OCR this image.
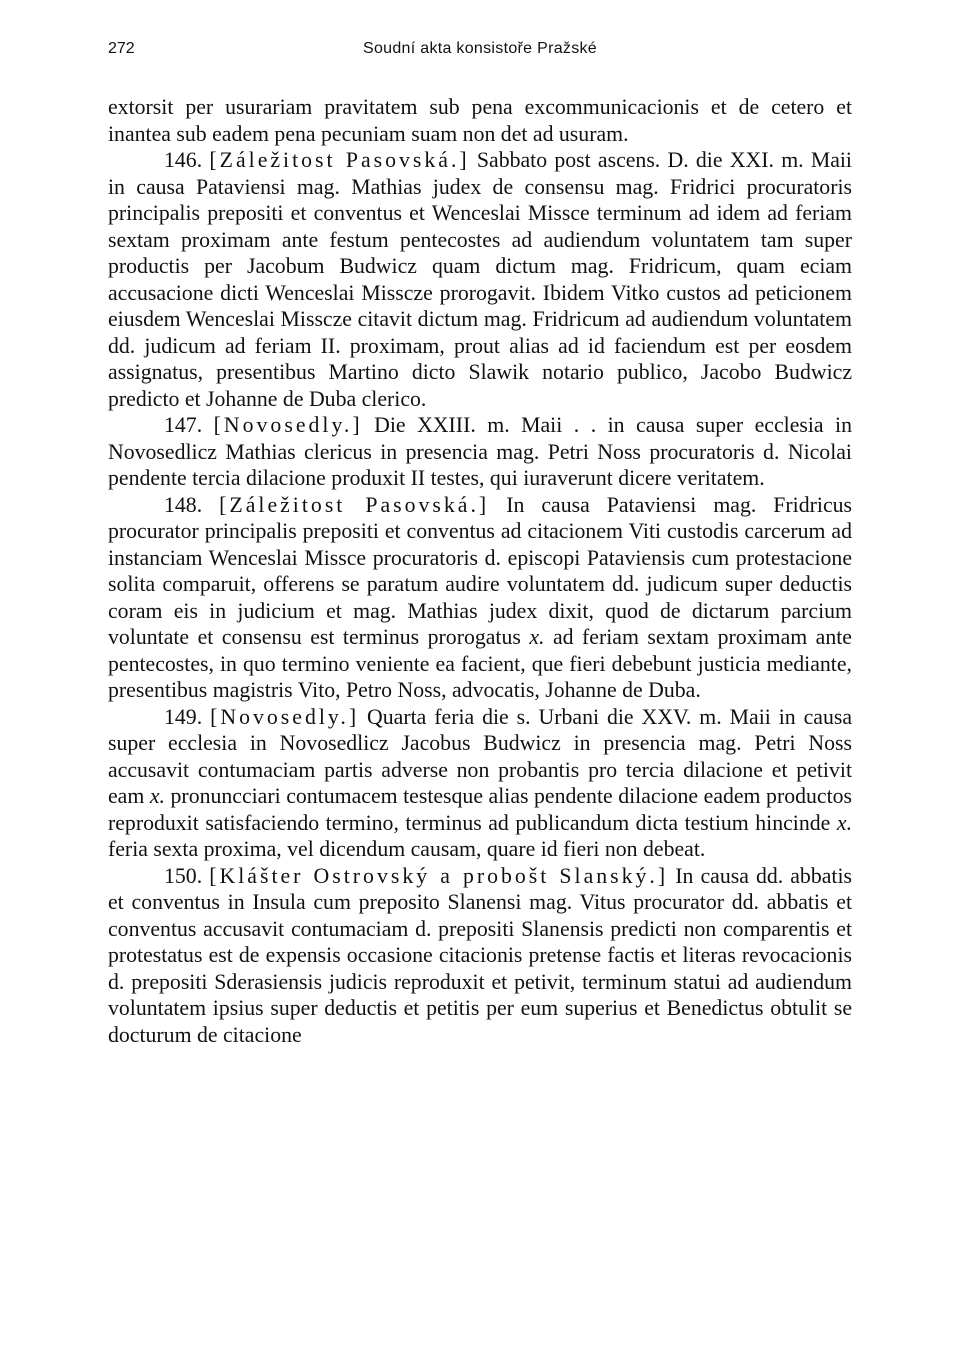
272	Soudní akta konsistoře Pražské

extorsit per usurariam pravitatem sub pena excommunicacionis et de cetero et inantea sub eadem pena pecuniam suam non det ad usuram.

146. [Záležitost Pasovská.] Sabbato post ascens. D. die XXI. m. Maii in causa Pataviensi mag. Mathias judex de consensu mag. Fridrici procuratoris principalis prepositi et conventus et Wenceslai Missce terminum ad idem ad feriam sextam proximam ante festum pentecostes ad audiendum voluntatem tam super productis per Jacobum Budwicz quam dictum mag. Fridricum, quam eciam accusacione dicti Wenceslai Misscze prorogavit. Ibidem Vitko custos ad peticionem eiusdem Wenceslai Misscze citavit dictum mag. Fridricum ad audiendum voluntatem dd. judicum ad feriam II. proximam, prout alias ad id faciendum est per eosdem assignatus, presentibus Martino dicto Slawik notario publico, Jacobo Budwicz predicto et Johanne de Duba clerico.

147. [Novosedly.] Die XXIII. m. Maii . . in causa super ecclesia in Novosedlicz Mathias clericus in presencia mag. Petri Noss procuratoris d. Nicolai pendente tercia dilacione produxit II testes, qui iuraverunt dicere veritatem.

148. [Záležitost Pasovská.] In causa Pataviensi mag. Fridricus procurator principalis prepositi et conventus ad citacionem Viti custodis carcerum ad instanciam Wenceslai Missce procuratoris d. episcopi Pataviensis cum protestacione solita comparuit, offerens se paratum audire voluntatem dd. judicum super deductis coram eis in judicium et mag. Mathias judex dixit, quod de dictarum parcium voluntate et consensu est terminus prorogatus x. ad feriam sextam proximam ante pentecostes, in quo termino veniente ea facient, que fieri debebunt justicia mediante, presentibus magistris Vito, Petro Noss, advocatis, Johanne de Duba.

149. [Novosedly.] Quarta feria die s. Urbani die XXV. m. Maii in causa super ecclesia in Novosedlicz Jacobus Budwicz in presencia mag. Petri Noss accusavit contumaciam partis adverse non probantis pro tercia dilacione et petivit eam x. pronuncciari contumacem testesque alias pendente dilacione eadem productos reproduxit satisfaciendo termino, terminus ad publicandum dicta testium hincinde x. feria sexta proxima, vel dicendum causam, quare id fieri non debeat.

150. [Klášter Ostrovský a probošt Slanský.] In causa dd. abbatis et conventus in Insula cum preposito Slanensi mag. Vitus procurator dd. abbatis et conventus accusavit contumaciam d. prepositi Slanensis predicti non comparentis et protestatus est de expensis occasione citacionis pretense factis et literas revocacionis d. prepositi Sderasiensis judicis reproduxit et petivit, terminum statui ad audiendum voluntatem ipsius super deductis et petitis per eum superius et Benedictus obtulit se docturum de citacione
